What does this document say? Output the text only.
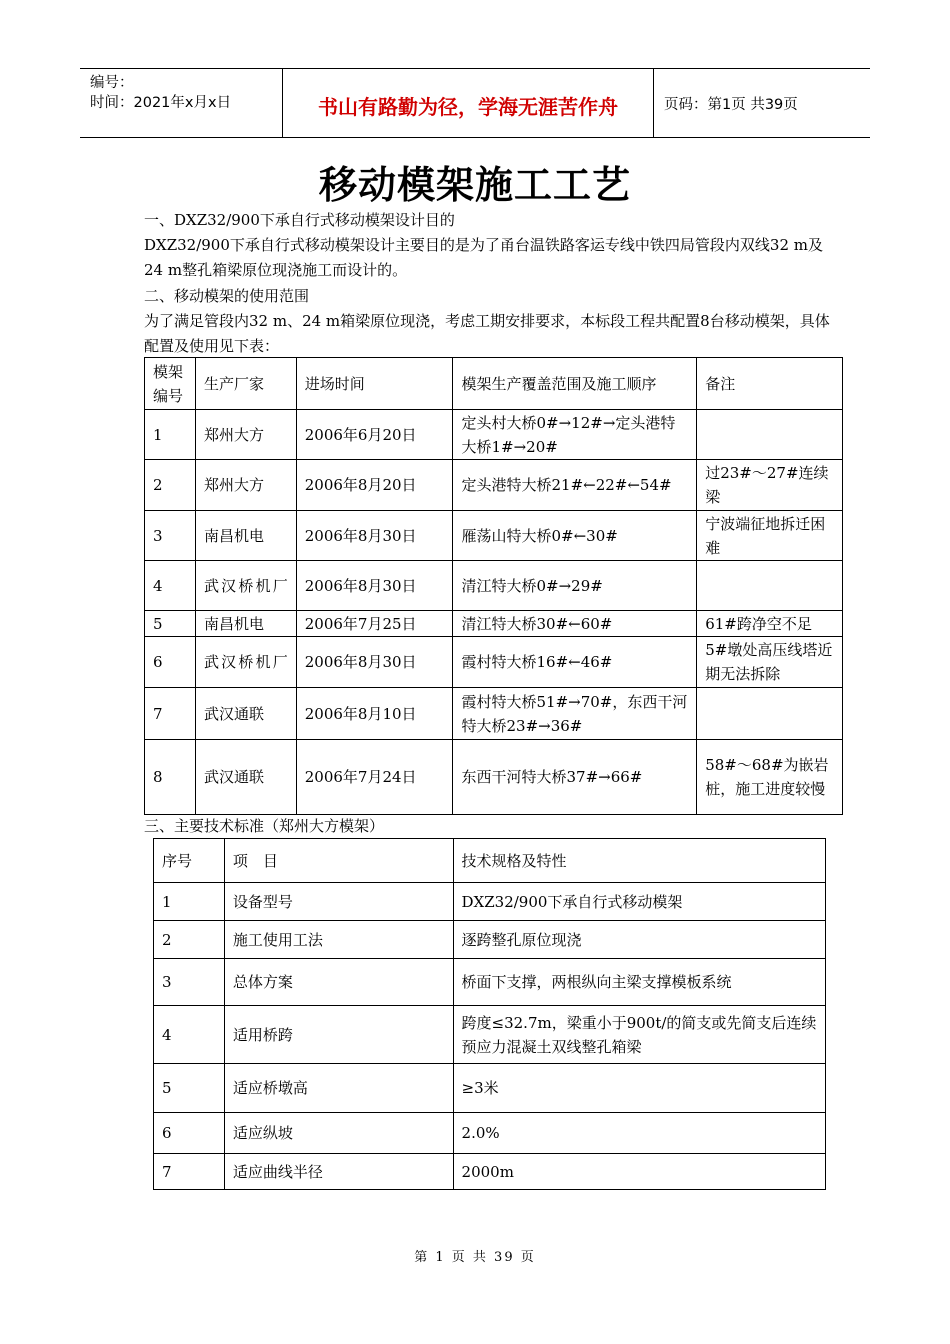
编号：
时间：2021年x月x日	书山有路勤为径，学海无涯苦作舟	页码：第1页 共39页
移动模架施工工艺
一、DXZ32/900下承自行式移动模架设计目的
DXZ32/900下承自行式移动模架设计主要目的是为了甬台温铁路客运专线中铁四局管段内双线32 m及24 m整孔箱梁原位现浇施工而设计的。
二、移动模架的使用范围
为了满足管段内32 m、24 m箱梁原位现浇，考虑工期安排要求，本标段工程共配置8台移动模架，具体配置及使用见下表：
模架编号	生产厂家	进场时间	模架生产覆盖范围及施工顺序	备注
1	郑州大方	2006年6月20日	定头村大桥0#→12#→定头港特大桥1#→20#	
2	郑州大方	2006年8月20日	定头港特大桥21#←22#←54#	过23#～27#连续梁
3	南昌机电	2006年8月30日	雁荡山特大桥0#←30#	宁波端征地拆迁困难
4	武汉桥机厂	2006年8月30日	清江特大桥0#→29#	
5	南昌机电	2006年7月25日	清江特大桥30#←60#	61#跨净空不足
6	武汉桥机厂	2006年8月30日	霞村特大桥16#←46#	5#墩处高压线塔近期无法拆除
7	武汉通联	2006年8月10日	霞村特大桥51#→70#，东西干河特大桥23#→36#	
8	武汉通联	2006年7月24日	东西干河特大桥37#→66#	58#～68#为嵌岩桩，施工进度较慢
三、主要技术标准（郑州大方模架）
序号	项　目	技术规格及特性
1	设备型号	DXZ32/900下承自行式移动模架
2	施工使用工法	逐跨整孔原位现浇
3	总体方案	桥面下支撑，两根纵向主梁支撑模板系统
4	适用桥跨	跨度≤32.7m，梁重小于900t/的简支或先简支后连续预应力混凝土双线整孔箱梁
5	适应桥墩高	≥3米
6	适应纵坡	2.0%
7	适应曲线半径	2000m
第 1 页 共 39 页
